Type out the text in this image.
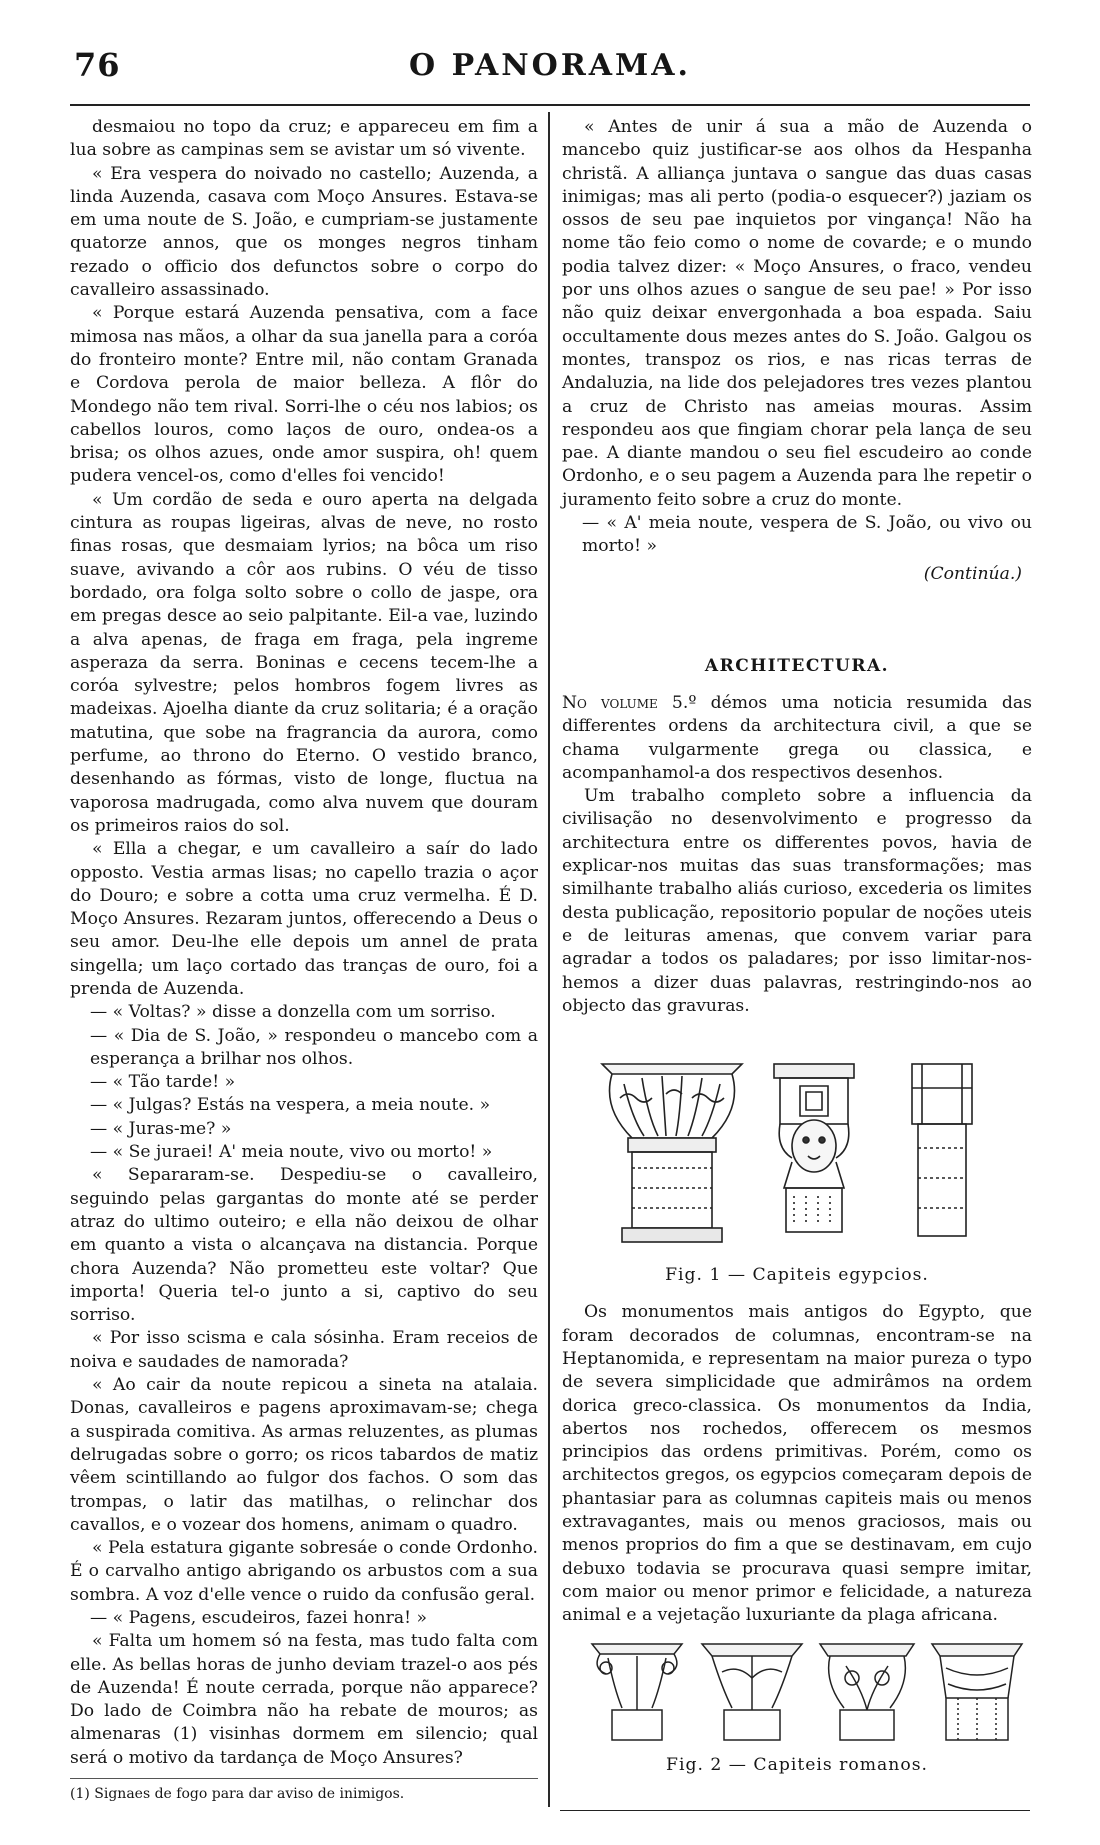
76	O PANORAMA.

desmaiou no topo da cruz; e appareceu em fim a lua sobre as campinas sem se avistar um só vivente.

« Era vespera do noivado no castello; Auzenda, a linda Auzenda, casava com Moço Ansures. Estava-se em uma noute de S. João, e cumpriam-se justamente quatorze annos, que os monges negros tinham rezado o officio dos defunctos sobre o corpo do cavalleiro assassinado.

« Porque estará Auzenda pensativa, com a face mimosa nas mãos, a olhar da sua janella para a coróa do fronteiro monte? Entre mil, não contam Granada e Cordova perola de maior belleza. A flôr do Mondego não tem rival. Sorri-lhe o céu nos labios; os cabellos louros, como laços de ouro, ondea-os a brisa; os olhos azues, onde amor suspira, oh! quem pudera vencel-os, como d'elles foi vencido!

« Um cordão de seda e ouro aperta na delgada cintura as roupas ligeiras, alvas de neve, no rosto finas rosas, que desmaiam lyrios; na bôca um riso suave, avivando a côr aos rubins. O véu de tisso bordado, ora folga solto sobre o collo de jaspe, ora em pregas desce ao seio palpitante. Eil-a vae, luzindo a alva apenas, de fraga em fraga, pela ingreme asperaza da serra. Boninas e cecens tecem-lhe a coróa sylvestre; pelos hombros fogem livres as madeixas. Ajoelha diante da cruz solitaria; é a oração matutina, que sobe na fragrancia da aurora, como perfume, ao throno do Eterno. O vestido branco, desenhando as fórmas, visto de longe, fluctua na vaporosa madrugada, como alva nuvem que douram os primeiros raios do sol.

« Ella a chegar, e um cavalleiro a saír do lado opposto. Vestia armas lisas; no capello trazia o açor do Douro; e sobre a cotta uma cruz vermelha. É D. Moço Ansures. Rezaram juntos, offerecendo a Deus o seu amor. Deu-lhe elle depois um annel de prata singella; um laço cortado das tranças de ouro, foi a prenda de Auzenda.

— « Voltas? » disse a donzella com um sorriso.

— « Dia de S. João, » respondeu o mancebo com a esperança a brilhar nos olhos.

— « Tão tarde! »

— « Julgas? Estás na vespera, a meia noute. »

— « Juras-me? »

— « Se juraei! A' meia noute, vivo ou morto! »

« Separaram-se. Despediu-se o cavalleiro, seguindo pelas gargantas do monte até se perder atraz do ultimo outeiro; e ella não deixou de olhar em quanto a vista o alcançava na distancia. Porque chora Auzenda? Não prometteu este voltar? Que importa! Queria tel-o junto a si, captivo do seu sorriso.

« Por isso scisma e cala sósinha. Eram receios de noiva e saudades de namorada?

« Ao cair da noute repicou a sineta na atalaia. Donas, cavalleiros e pagens aproximavam-se; chega a suspirada comitiva. As armas reluzentes, as plumas delrugadas sobre o gorro; os ricos tabardos de matiz vêem scintillando ao fulgor dos fachos. O som das trompas, o latir das matilhas, o relinchar dos cavallos, e o vozear dos homens, animam o quadro.

« Pela estatura gigante sobresáe o conde Ordonho. É o carvalho antigo abrigando os arbustos com a sua sombra. A voz d'elle vence o ruido da confusão geral.

— « Pagens, escudeiros, fazei honra! »

« Falta um homem só na festa, mas tudo falta com elle. As bellas horas de junho deviam trazel-o aos pés de Auzenda! É noute cerrada, porque não apparece? Do lado de Coimbra não ha rebate de mouros; as almenaras (1) visinhas dormem em silencio; qual será o motivo da tardança de Moço Ansures?

(1) Signaes de fogo para dar aviso de inimigos.

« Antes de unir á sua a mão de Auzenda o mancebo quiz justificar-se aos olhos da Hespanha christã. A alliança juntava o sangue das duas casas inimigas; mas ali perto (podia-o esquecer?) jaziam os ossos de seu pae inquietos por vingança! Não ha nome tão feio como o nome de covarde; e o mundo podia talvez dizer: « Moço Ansures, o fraco, vendeu por uns olhos azues o sangue de seu pae! » Por isso não quiz deixar envergonhada a boa espada. Saiu occultamente dous mezes antes do S. João. Galgou os montes, transpoz os rios, e nas ricas terras de Andaluzia, na lide dos pelejadores tres vezes plantou a cruz de Christo nas ameias mouras. Assim respondeu aos que fingiam chorar pela lança de seu pae. A diante mandou o seu fiel escudeiro ao conde Ordonho, e o seu pagem a Auzenda para lhe repetir o juramento feito sobre a cruz do monte.

— « A' meia noute, vespera de S. João, ou vivo ou morto! »

(Continúa.)

ARCHITECTURA.

No volume 5.º démos uma noticia resumida das differentes ordens da architectura civil, a que se chama vulgarmente grega ou classica, e acompanhamol-a dos respectivos desenhos.

Um trabalho completo sobre a influencia da civilisação no desenvolvimento e progresso da architectura entre os differentes povos, havia de explicar-nos muitas das suas transformações; mas similhante trabalho aliás curioso, excederia os limites desta publicação, repositorio popular de noções uteis e de leituras amenas, que convem variar para agradar a todos os paladares; por isso limitar-nos-hemos a dizer duas palavras, restringindo-nos ao objecto das gravuras.

Fig. 1 — Capiteis egypcios.

Os monumentos mais antigos do Egypto, que foram decorados de columnas, encontram-se na Heptanomida, e representam na maior pureza o typo de severa simplicidade que admirâmos na ordem dorica greco-classica. Os monumentos da India, abertos nos rochedos, offerecem os mesmos principios das ordens primitivas. Porém, como os architectos gregos, os egypcios começaram depois de phantasiar para as columnas capiteis mais ou menos extravagantes, mais ou menos graciosos, mais ou menos proprios do fim a que se destinavam, em cujo debuxo todavia se procurava quasi sempre imitar, com maior ou menor primor e felicidade, a natureza animal e a vejetação luxuriante da plaga africana.

Fig. 2 — Capiteis romanos.
